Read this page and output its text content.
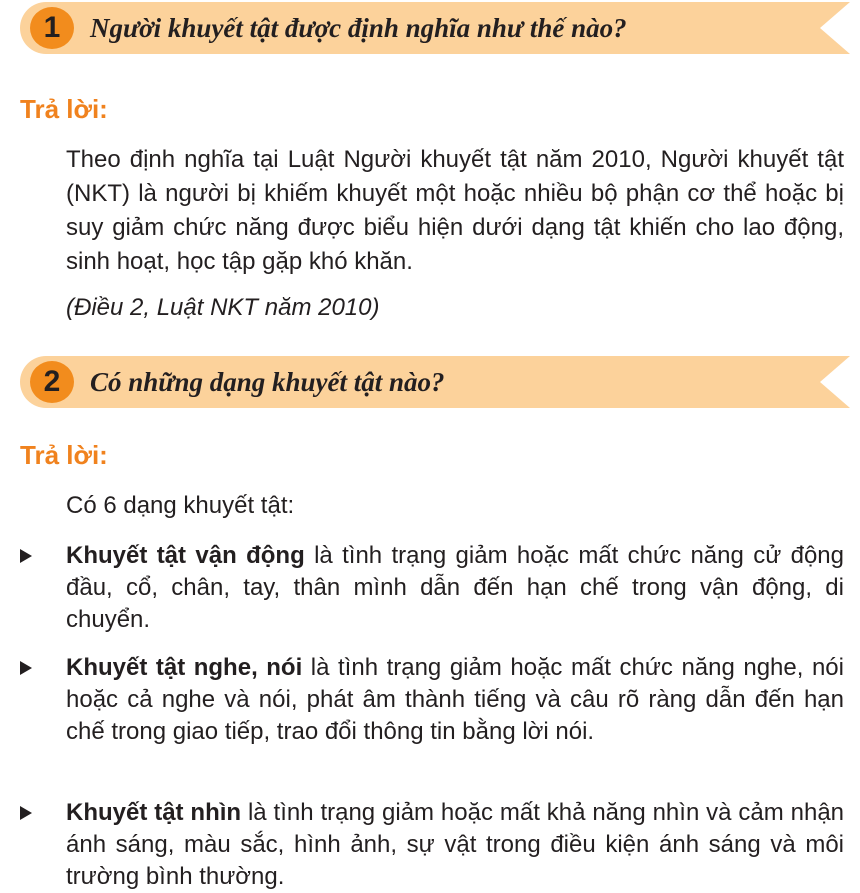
1	Người khuyết tật được định nghĩa như thế nào?
Trả lời:

Theo định nghĩa tại Luật Người khuyết tật năm 2010, Người khuyết tật (NKT) là người bị khiếm khuyết một hoặc nhiều bộ phận cơ thể hoặc bị suy giảm chức năng được biểu hiện dưới dạng tật khiến cho lao động, sinh hoạt, học tập gặp khó khăn.

(Điều 2, Luật NKT năm 2010)
2	Có những dạng khuyết tật nào?
Trả lời:
Có 6 dạng khuyết tật:
Khuyết tật vận động là tình trạng giảm hoặc mất chức năng cử động đầu, cổ, chân, tay, thân mình dẫn đến hạn chế trong vận động, di chuyển.
Khuyết tật nghe, nói là tình trạng giảm hoặc mất chức năng nghe, nói hoặc cả nghe và nói, phát âm thành tiếng và câu rõ ràng dẫn đến hạn chế trong giao tiếp, trao đổi thông tin bằng lời nói.
Khuyết tật nhìn là tình trạng giảm hoặc mất khả năng nhìn và cảm nhận ánh sáng, màu sắc, hình ảnh, sự vật trong điều kiện ánh sáng và môi trường bình thường.
